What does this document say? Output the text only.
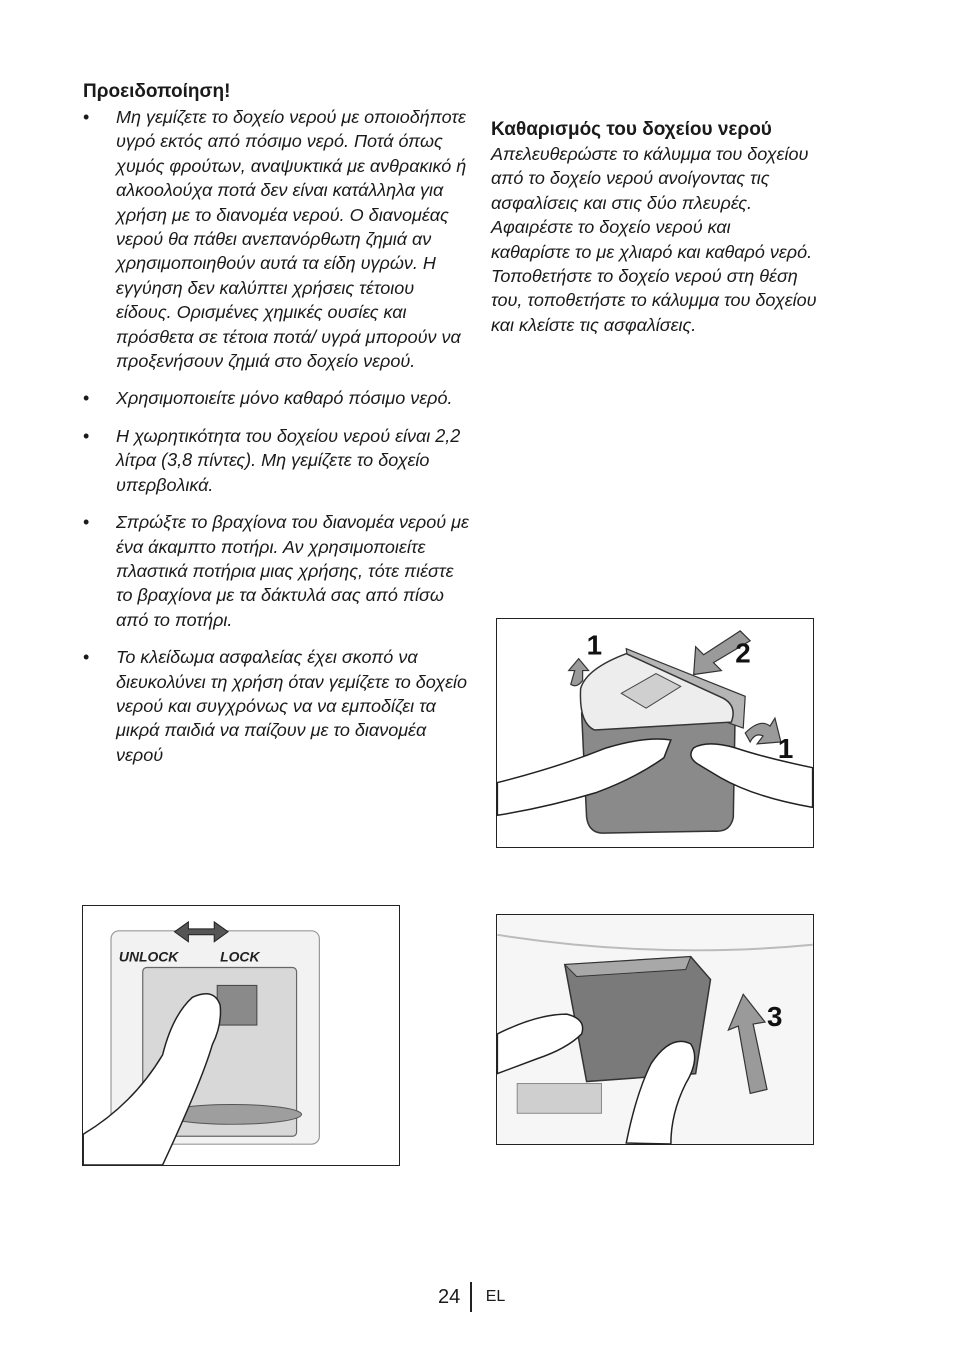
Προειδοποίηση!
• Μη γεμίζετε το δοχείο νερού με οποιοδήποτε υγρό εκτός από πόσιμο νερό. Ποτά όπως χυμός φρούτων, αναψυκτικά με ανθρακικό ή αλκοολούχα ποτά δεν είναι κατάλληλα για χρήση με το διανομέα νερού. Ο διανομέας νερού θα πάθει ανεπανόρθωτη ζημιά αν χρησιμοποιηθούν αυτά τα είδη υγρών. Η εγγύηση δεν καλύπτει χρήσεις τέτοιου είδους. Ορισμένες χημικές ουσίες και πρόσθετα σε τέτοια ποτά/ υγρά μπορούν να προξενήσουν ζημιά στο δοχείο νερού.
• Χρησιμοποιείτε μόνο καθαρό πόσιμο νερό.
• Η χωρητικότητα του δοχείου νερού είναι 2,2 λίτρα (3,8 πίντες). Μη γεμίζετε το δοχείο υπερβολικά.
• Σπρώξτε το βραχίονα του διανομέα νερού με ένα άκαμπτο ποτήρι. Αν χρησιμοποιείτε πλαστικά ποτήρια μιας χρήσης, τότε πιέστε το βραχίονα με τα δάκτυλά σας από πίσω από το ποτήρι.
• Το κλείδωμα ασφαλείας έχει σκοπό να διευκολύνει τη χρήση όταν γεμίζετε το δοχείο νερού και συγχρόνως να να εμποδίζει τα μικρά παιδιά να παίζουν με το διανομέα νερού
Καθαρισμός του δοχείου νερού

Απελευθερώστε το κάλυμμα του δοχείου
από το δοχείο νερού ανοίγοντας τις
ασφαλίσεις και στις δύο πλευρές.
Αφαιρέστε το δοχείο νερού και
καθαρίστε το με χλιαρό και καθαρό νερό.
Τοποθετήστε το δοχείο νερού στη θέση
του, τοποθετήστε το κάλυμμα του δοχείου
και κλείστε τις ασφαλίσεις.

1	2
1
UNLOCK	LOCK
3
24 EL
